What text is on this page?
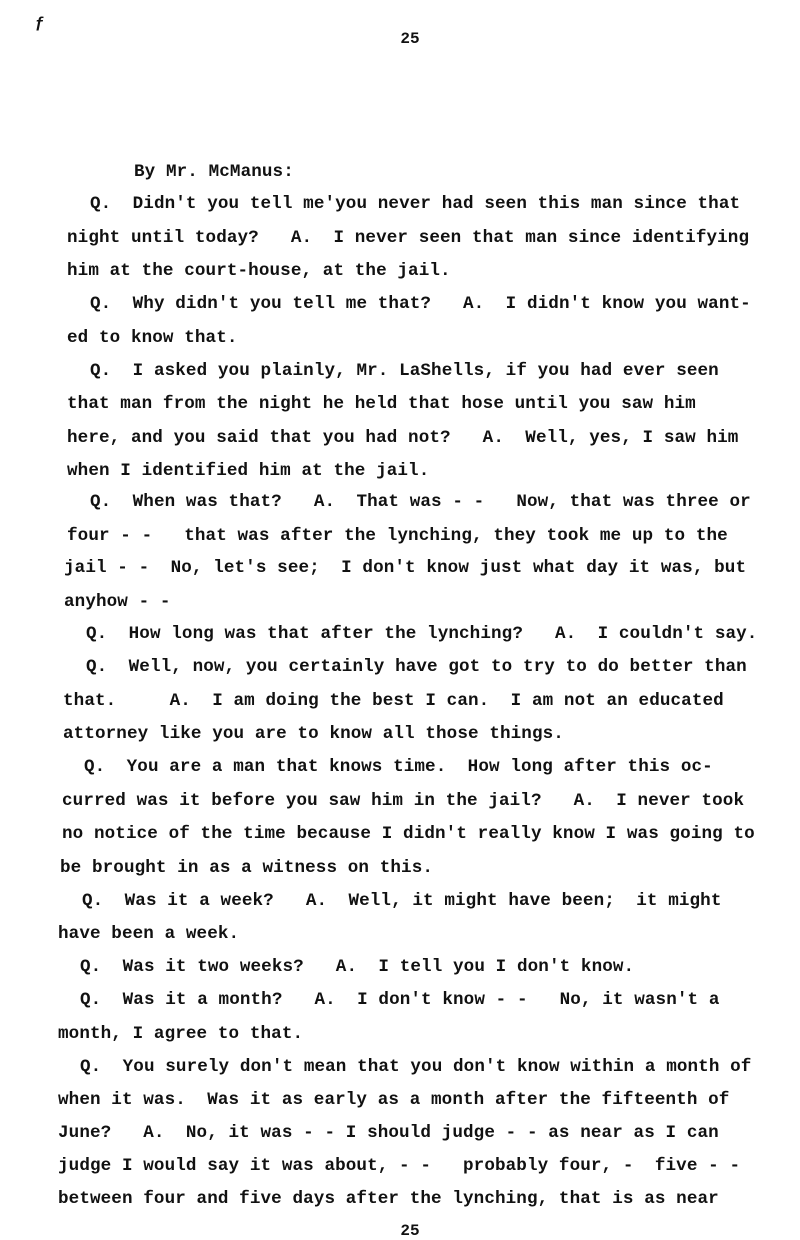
ƒ
25
By Mr. McManus:
Q.  Didn't you tell me'you never had seen this man since that
night until today?   A.  I never seen that man since identifying
him at the court-house, at the jail.
Q.  Why didn't you tell me that?   A.  I didn't know you want-
ed to know that.
Q.  I asked you plainly, Mr. LaShells, if you had ever seen
that man from the night he held that hose until you saw him
here, and you said that you had not?   A.  Well, yes, I saw him
when I identified him at the jail.
Q.  When was that?   A.  That was - -   Now, that was three or
four - -   that was after the lynching, they took me up to the
jail - -  No, let's see;  I don't know just what day it was, but
anyhow - -
Q.  How long was that after the lynching?   A.  I couldn't say.
Q.  Well, now, you certainly have got to try to do better than
that.     A.  I am doing the best I can.  I am not an educated
attorney like you are to know all those things.
Q.  You are a man that knows time.  How long after this oc-
curred was it before you saw him in the jail?   A.  I never took
no notice of the time because I didn't really know I was going to
be brought in as a witness on this.
Q.  Was it a week?   A.  Well, it might have been;  it might
have been a week.
Q.  Was it two weeks?   A.  I tell you I don't know.
Q.  Was it a month?   A.  I don't know - -   No, it wasn't a
month, I agree to that.
Q.  You surely don't mean that you don't know within a month of
when it was.  Was it as early as a month after the fifteenth of
June?   A.  No, it was - - I should judge - - as near as I can
judge I would say it was about, - -   probably four, -  five - -
between four and five days after the lynching, that is as near
25
